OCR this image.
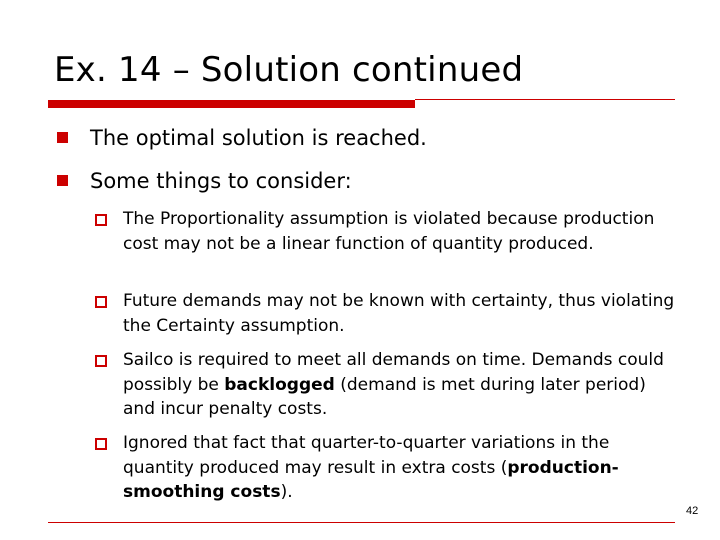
Ex. 14 – Solution continued
The optimal solution is reached.
Some things to consider:
The Proportionality assumption is violated because production cost may not be a linear function of quantity produced.
Future demands may not be known with certainty, thus violating the Certainty assumption.
Sailco is required to meet all demands on time. Demands could possibly be backlogged (demand is met during later period) and incur penalty costs.
Ignored that fact that quarter-to-quarter variations in the quantity produced may result in extra costs (production-smoothing costs).
42
